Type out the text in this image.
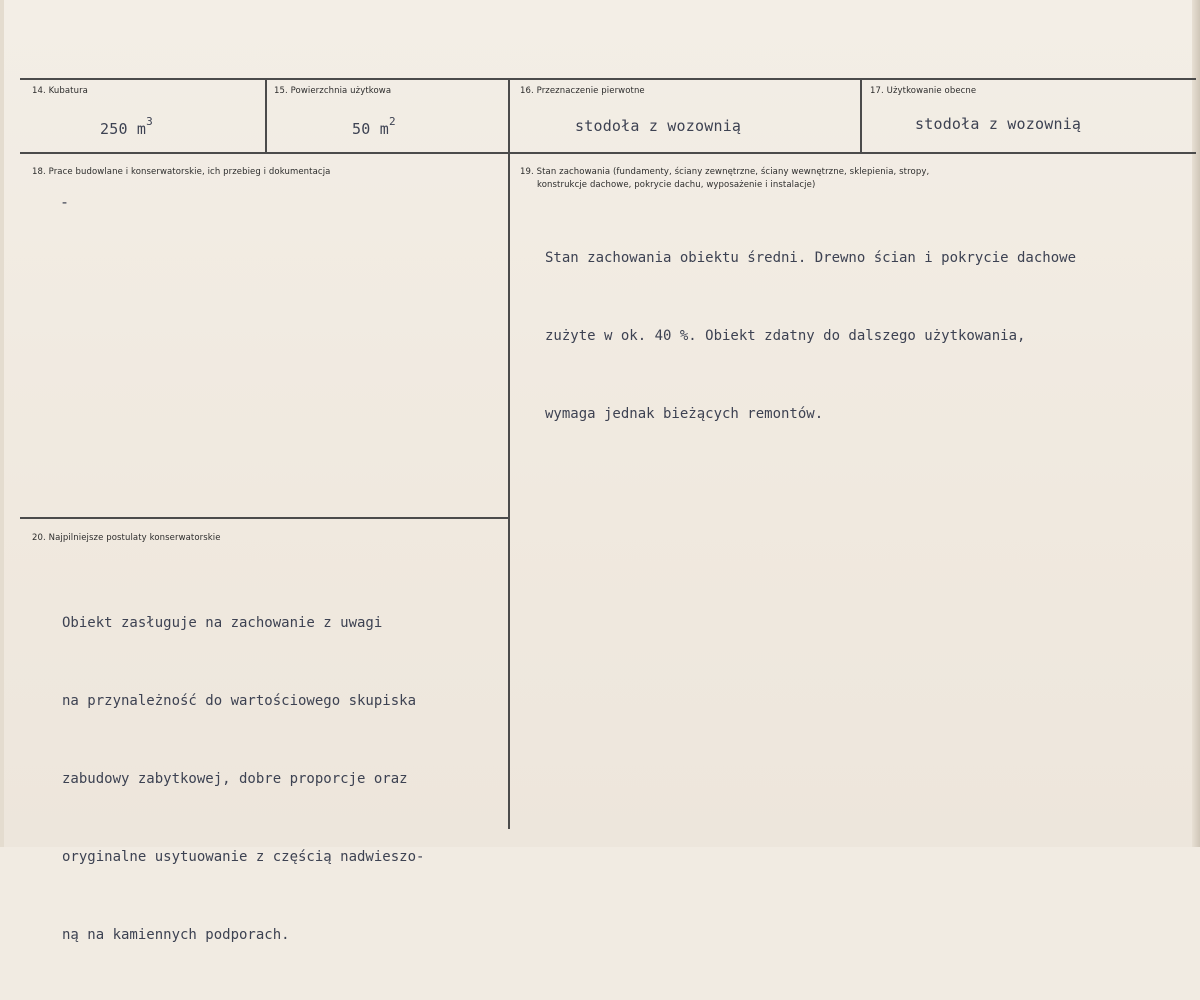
14. Kubatura
250 $m^3$
15. Powierzchnia użytkowa
50 $m^2$
16. Przeznaczenie pierwotne
stodoła z wozownią
17. Użytkowanie obecne
stodoła z wozownią
18. Prace budowlane i konserwatorskie, ich przebieg i dokumentacja
-
19. Stan zachowania (fundamenty, ściany zewnętrzne, ściany wewnętrzne, sklepienia, stropy,
konstrukcje dachowe, pokrycie dachu, wyposażenie i instalacje)

Stan zachowania obiektu średni. Drewno ścian i pokrycie dachowe

zużyte w ok. 40 %. Obiekt zdatny do dalszego użytkowania,

wymaga jednak bieżących remontów.

20. Najpilniejsze postulaty konserwatorskie

Obiekt zasługuje na zachowanie z uwagi

na przynależność do wartościowego skupiska

zabudowy zabytkowej, dobre proporcje oraz

oryginalne usytuowanie z częścią nadwieszo-

ną na kamiennych podporach.
